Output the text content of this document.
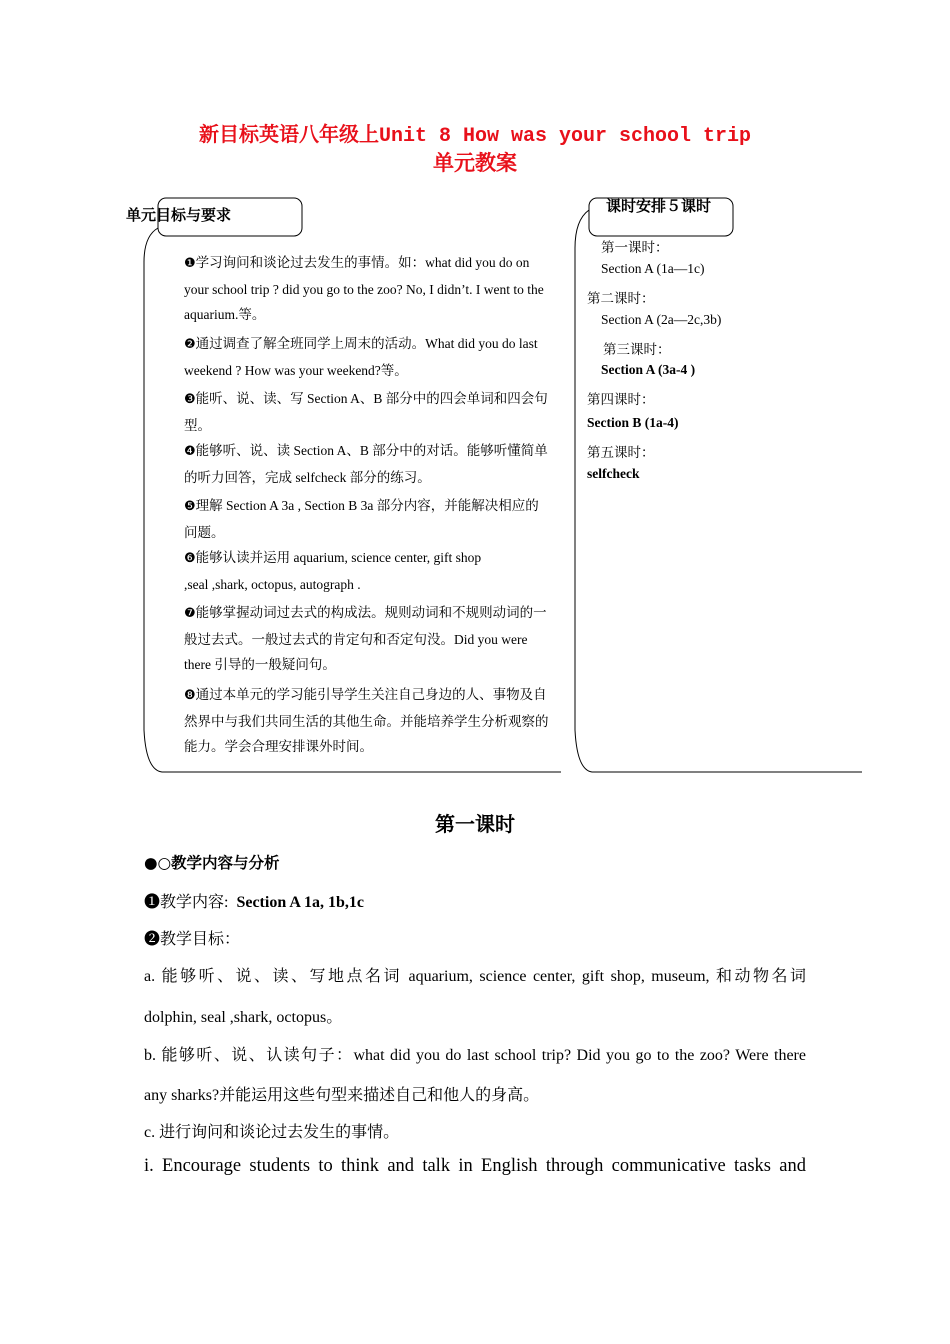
新目标英语八年级上Unit 8 How was your school trip
单元教案
单元目标与要求	课时安排５课时
❶学习询问和谈论过去发生的事情。如：what did you do on your school trip ? did you go to the zoo? No, I didn’t. I went to the aquarium.等。
❷通过调查了解全班同学上周末的活动。What did you do last weekend ? How was your weekend?等。
❸能听、说、读、写 Section A、B 部分中的四会单词和四会句型。
❹能够听、说、读 Section A、B 部分中的对话。能够听懂简单的听力回答，完成 selfcheck 部分的练习。
❺理解 Section A 3a , Section B 3a 部分内容，并能解决相应的问题。
❻能够认读并运用 aquarium, science center, gift shop ,seal ,shark, octopus, autograph .
❼能够掌握动词过去式的构成法。规则动词和不规则动词的一般过去式。一般过去式的肯定句和否定句没。Did you were there 引导的一般疑问句。
❽通过本单元的学习能引导学生关注自己身边的人、事物及自然界中与我们共同生活的其他生命。并能培养学生分析观察的能力。学会合理安排课外时间。
第一课时：
Section A (1a—1c)
第二课时：
Section A (2a—2c,3b)
第三课时：
Section A (3a-4 )
第四课时：
Section B (1a-4)
第五课时：
selfcheck
第一课时
●○教学内容与分析
❶教学内容: Section A 1a, 1b,1c
❷教学目标：
a. 能够听、说、读、写地点名词 aquarium, science center, gift shop, museum, 和动物名词
dolphin, seal ,shark, octopus。
b. 能够听、说、认读句子：what did you do last school trip? Did you go to the zoo? Were there
any sharks?并能运用这些句型来描述自己和他人的身高。
c. 进行询问和谈论过去发生的事情。
i. Encourage students to think and talk in English through communicative tasks and
